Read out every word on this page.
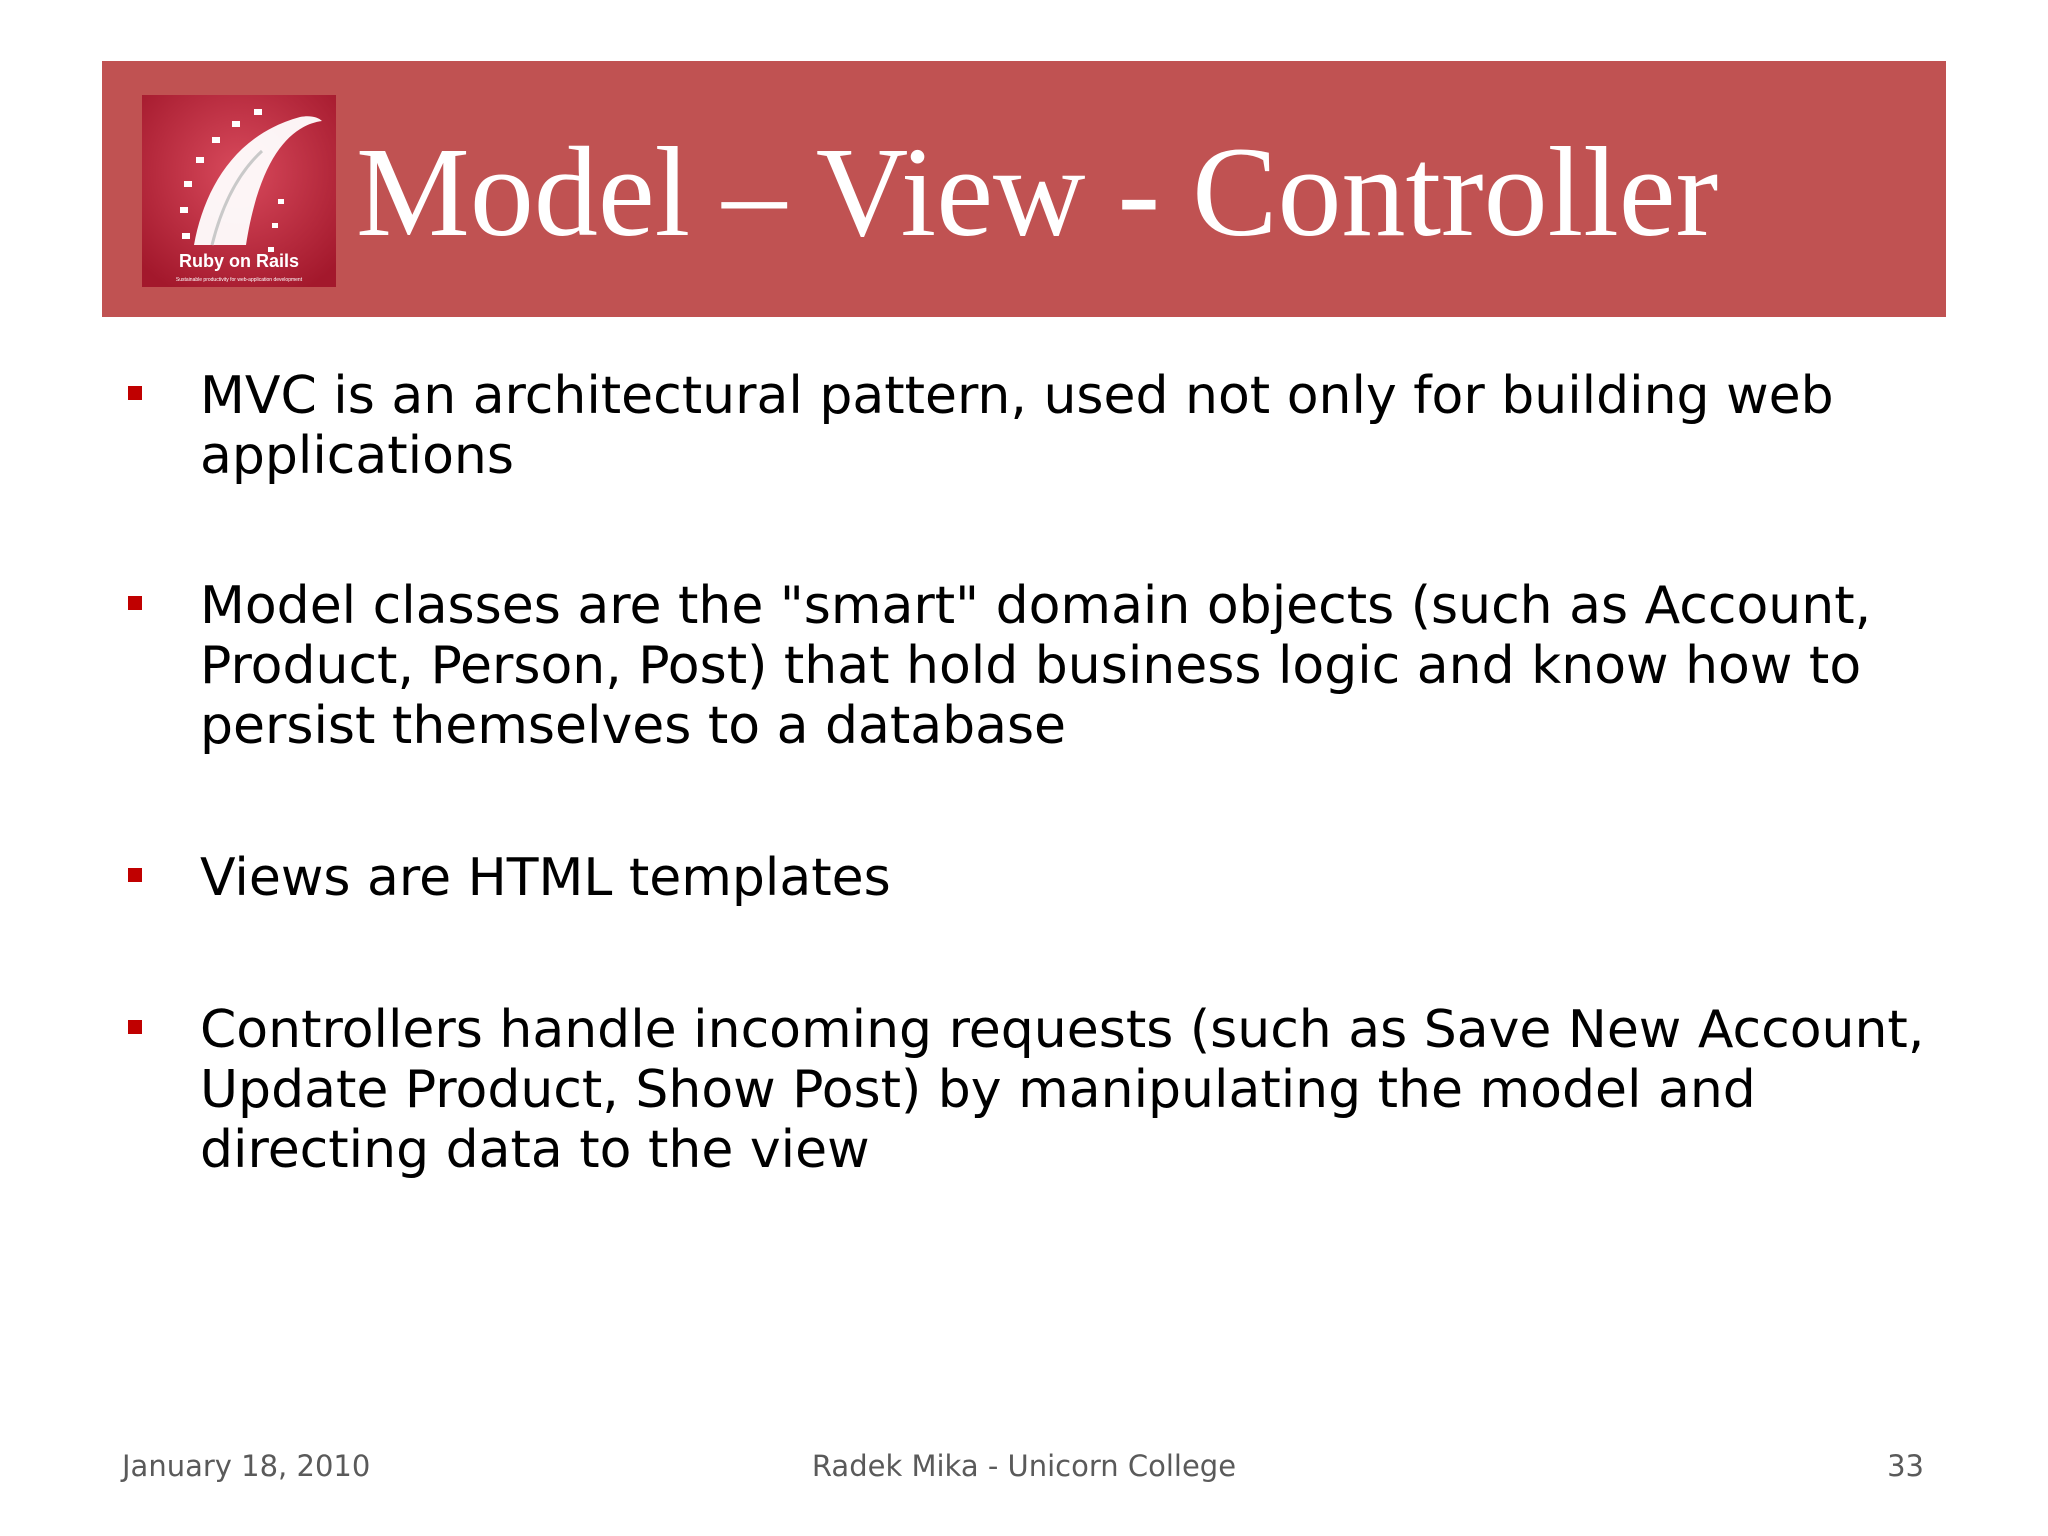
Ruby on Rails
Sustainable productivity for web-application development
Model – View - Controller
MVC is an architectural pattern, used not only for building web
applications
Model classes are the "smart" domain objects (such as Account,
Product, Person, Post) that hold business logic and know how to
persist themselves to a database
Views are HTML templates
Controllers handle incoming requests (such as Save New Account,
Update Product, Show Post) by manipulating the model and
directing data to the view
January 18, 2010	Radek Mika - Unicorn College	33
